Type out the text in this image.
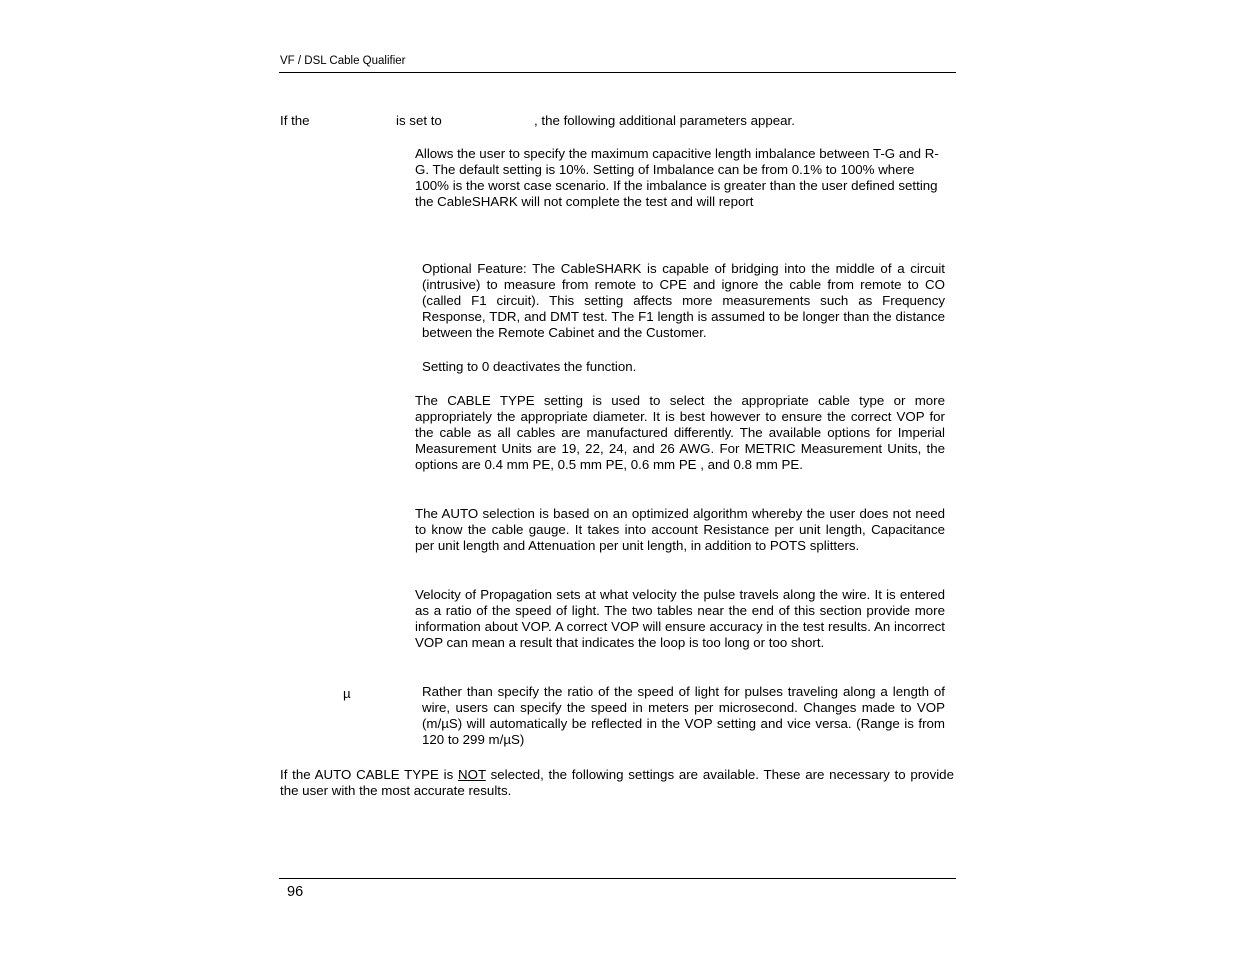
VF / DSL Cable Qualifier
If the	is set to	, the following additional parameters appear.
Allows the user to specify the maximum capacitive length imbalance between T-G and R-G. The default setting is 10%. Setting of Imbalance can be from 0.1% to 100% where 100% is the worst case scenario. If the imbalance is greater than the user defined setting the CableSHARK will not complete the test and will report
Optional Feature: The CableSHARK is capable of bridging into the middle of a circuit (intrusive) to measure from remote to CPE and ignore the cable from remote to CO (called F1 circuit). This setting affects more measurements such as Frequency Response, TDR, and DMT test. The F1 length is assumed to be longer than the distance between the Remote Cabinet and the Customer.
Setting to 0 deactivates the function.
The CABLE TYPE setting is used to select the appropriate cable type or more appropriately the appropriate diameter. It is best however to ensure the correct VOP for the cable as all cables are manufactured differently. The available options for Imperial Measurement Units are 19, 22, 24, and 26 AWG. For METRIC Measurement Units, the options are 0.4 mm PE, 0.5 mm PE, 0.6 mm PE , and 0.8 mm PE.
The AUTO selection is based on an optimized algorithm whereby the user does not need to know the cable gauge. It takes into account Resistance per unit length, Capacitance per unit length and Attenuation per unit length, in addition to POTS splitters.
Velocity of Propagation sets at what velocity the pulse travels along the wire. It is entered as a ratio of the speed of light. The two tables near the end of this section provide more information about VOP. A correct VOP will ensure accuracy in the test results. An incorrect VOP can mean a result that indicates the loop is too long or too short.
µ	Rather than specify the ratio of the speed of light for pulses traveling along a length of wire, users can specify the speed in meters per microsecond. Changes made to VOP (m/µS) will automatically be reflected in the VOP setting and vice versa. (Range is from 120 to 299 m/µS)
If the AUTO CABLE TYPE is NOT selected, the following settings are available. These are necessary to provide the user with the most accurate results.
96
